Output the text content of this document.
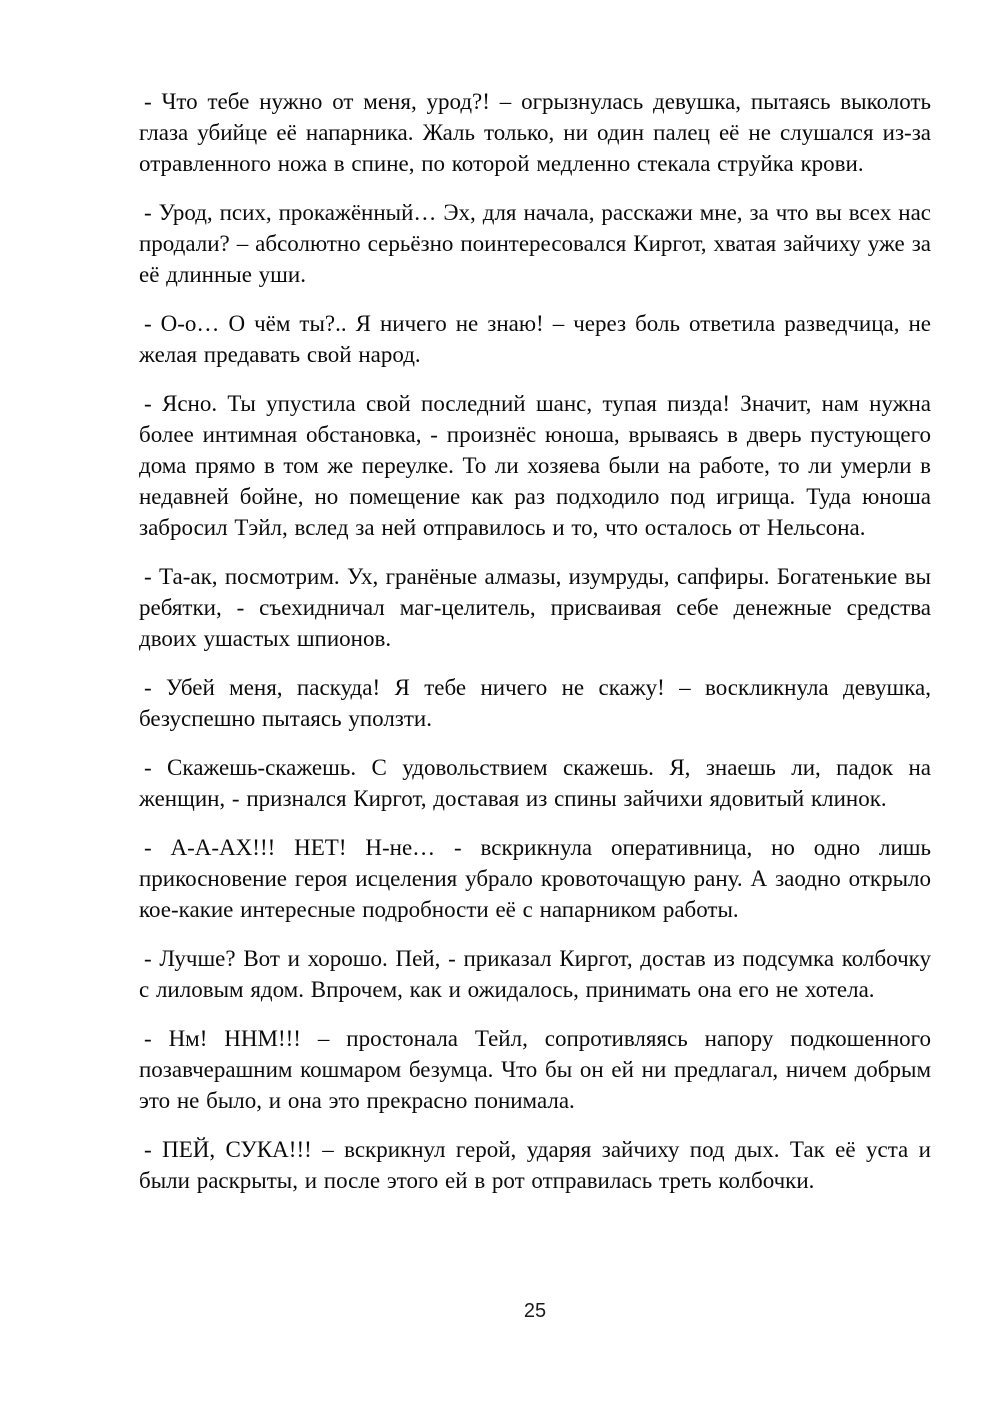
- Что тебе нужно от меня, урод?! – огрызнулась девушка, пытаясь выколоть глаза убийце её напарника. Жаль только, ни один палец её не слушался из-за отравленного ножа в спине, по которой медленно стекала струйка крови.

- Урод, псих, прокажённый… Эх, для начала, расскажи мне, за что вы всех нас продали? – абсолютно серьёзно поинтересовался Киргот, хватая зайчиху уже за её длинные уши.

- О-о… О чём ты?.. Я ничего не знаю! – через боль ответила разведчица, не желая предавать свой народ.

- Ясно. Ты упустила свой последний шанс, тупая пизда! Значит, нам нужна более интимная обстановка, - произнёс юноша, врываясь в дверь пустующего дома прямо в том же переулке. То ли хозяева были на работе, то ли умерли в недавней бойне, но помещение как раз подходило под игрища. Туда юноша забросил Тэйл, вслед за ней отправилось и то, что осталось от Нельсона.

- Та-ак, посмотрим. Ух, гранёные алмазы, изумруды, сапфиры. Богатенькие вы ребятки, - съехидничал маг-целитель, присваивая себе денежные средства двоих ушастых шпионов.

- Убей меня, паскуда! Я тебе ничего не скажу! – воскликнула девушка, безуспешно пытаясь уползти.

- Скажешь-скажешь. С удовольствием скажешь. Я, знаешь ли, падок на женщин, - признался Киргот, доставая из спины зайчихи ядовитый клинок.

- А-А-АХ!!! НЕТ! Н-не… - вскрикнула оперативница, но одно лишь прикосновение героя исцеления убрало кровоточащую рану. А заодно открыло кое-какие интересные подробности её с напарником работы.

- Лучше? Вот и хорошо. Пей, - приказал Киргот, достав из подсумка колбочку с лиловым ядом. Впрочем, как и ожидалось, принимать она его не хотела.

- Нм! ННМ!!! – простонала Тейл, сопротивляясь напору подкошенного позавчерашним кошмаром безумца. Что бы он ей ни предлагал, ничем добрым это не было, и она это прекрасно понимала.

- ПЕЙ, СУКА!!! – вскрикнул герой, ударяя зайчиху под дых. Так её уста и были раскрыты, и после этого ей в рот отправилась треть колбочки.

25
